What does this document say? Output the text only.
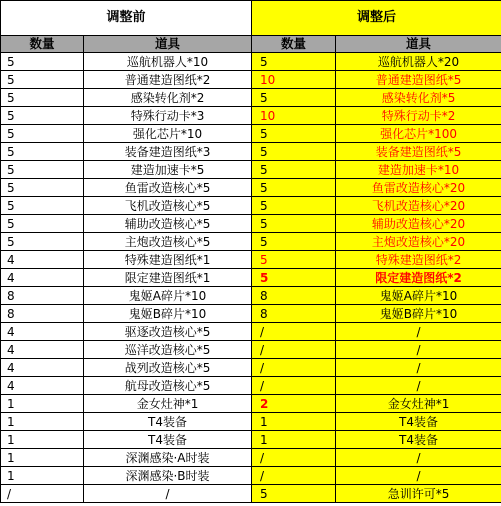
调整前		调整后	
数量	道具	数量	道具
5	巡航机器人*10	5	巡航机器人*20
5	普通建造图纸*2	10	普通建造图纸*5
5	感染转化剂*2	5	感染转化剂*5
5	特殊行动卡*3	10	特殊行动卡*2
5	强化芯片*10	5	强化芯片*100
5	装备建造图纸*3	5	装备建造图纸*5
5	建造加速卡*5	5	建造加速卡*10
5	鱼雷改造核心*5	5	鱼雷改造核心*20
5	飞机改造核心*5	5	飞机改造核心*20
5	辅助改造核心*5	5	辅助改造核心*20
5	主炮改造核心*5	5	主炮改造核心*20
4	特殊建造图纸*1	5	特殊建造图纸*2
4	限定建造图纸*1	5	限定建造图纸*2
8	鬼姬A碎片*10	8	鬼姬A碎片*10
8	鬼姬B碎片*10	8	鬼姬B碎片*10
4	驱逐改造核心*5	/	/
4	巡洋改造核心*5	/	/
4	战列改造核心*5	/	/
4	航母改造核心*5	/	/
1	金女灶神*1	2	金女灶神*1
1	T4装备	1	T4装备
1	T4装备	1	T4装备
1	深渊感染·A时装	/	/
1	深渊感染·B时装	/	/
/	/	5	急训许可*5
